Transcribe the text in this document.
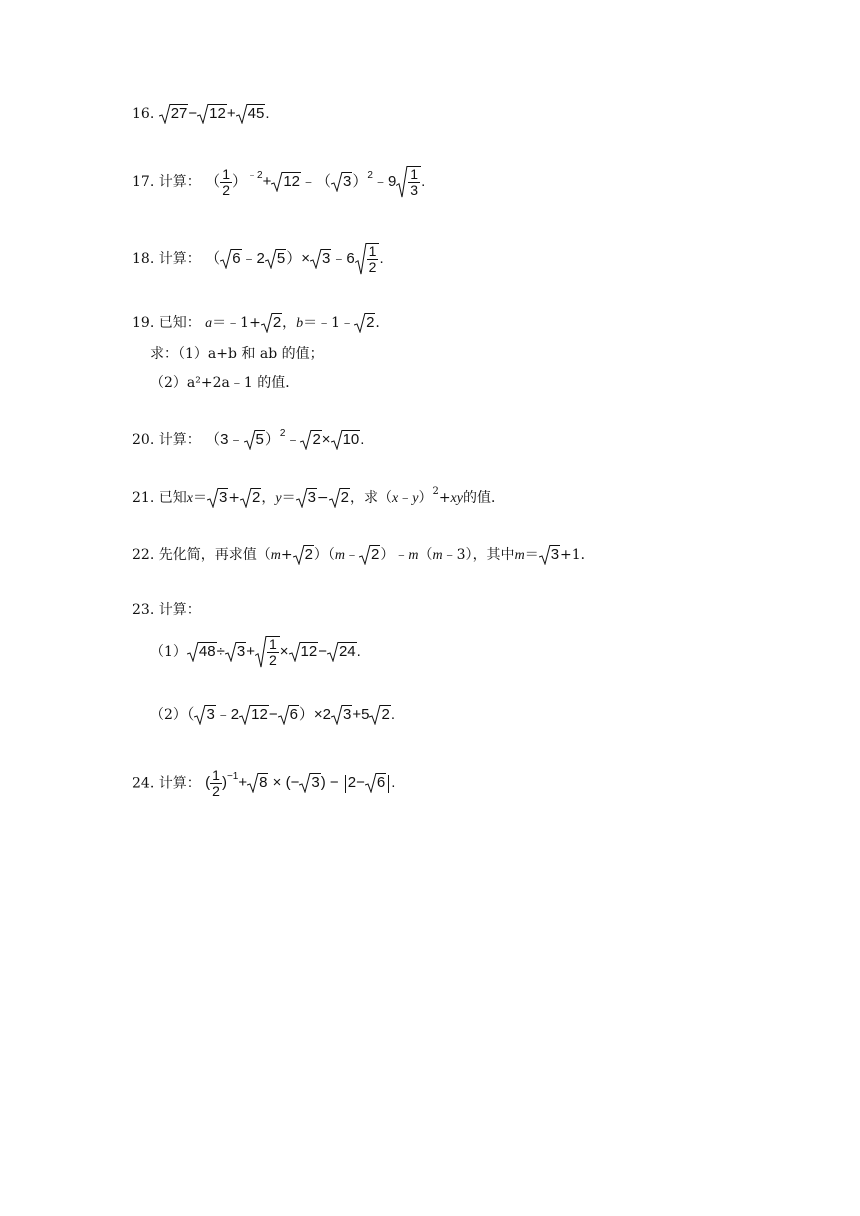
16. 27− 12+ 45.
17. 计算： （ $\frac{1}{2} )^{﹣2}+$ 12﹣（ 3）$^2$﹣9 $\frac{1}{3}$ .
18. 计算： （ 6﹣2 5）× 3﹣6 $\frac{1}{2}$ .
19. 已知： a＝﹣1+ 2，b＝﹣1﹣ 2.
求：（1）a+b 和 ab 的值；
（2）a²+2a﹣1 的值．
20. 计算： （3﹣ 5）$^2$﹣ 2× 10.
21. 已知x＝ 3+ 2，y＝ 3− 2，求（x﹣y）$^2$+xy的值．
22. 先化简，再求值（m+ 2）（m﹣ 2）﹣m（m﹣3），其中m＝ 3+1．
23. 计算：
（1） $48\div 3+ \frac{1}{2} \times 12- 24$.
（2）（ 3﹣2 12− 6）×2 3+5 2.
24. 计算： ( $\frac{1}{2} )^{-1}+ 8$ × (− 3) − 2− 6 .
